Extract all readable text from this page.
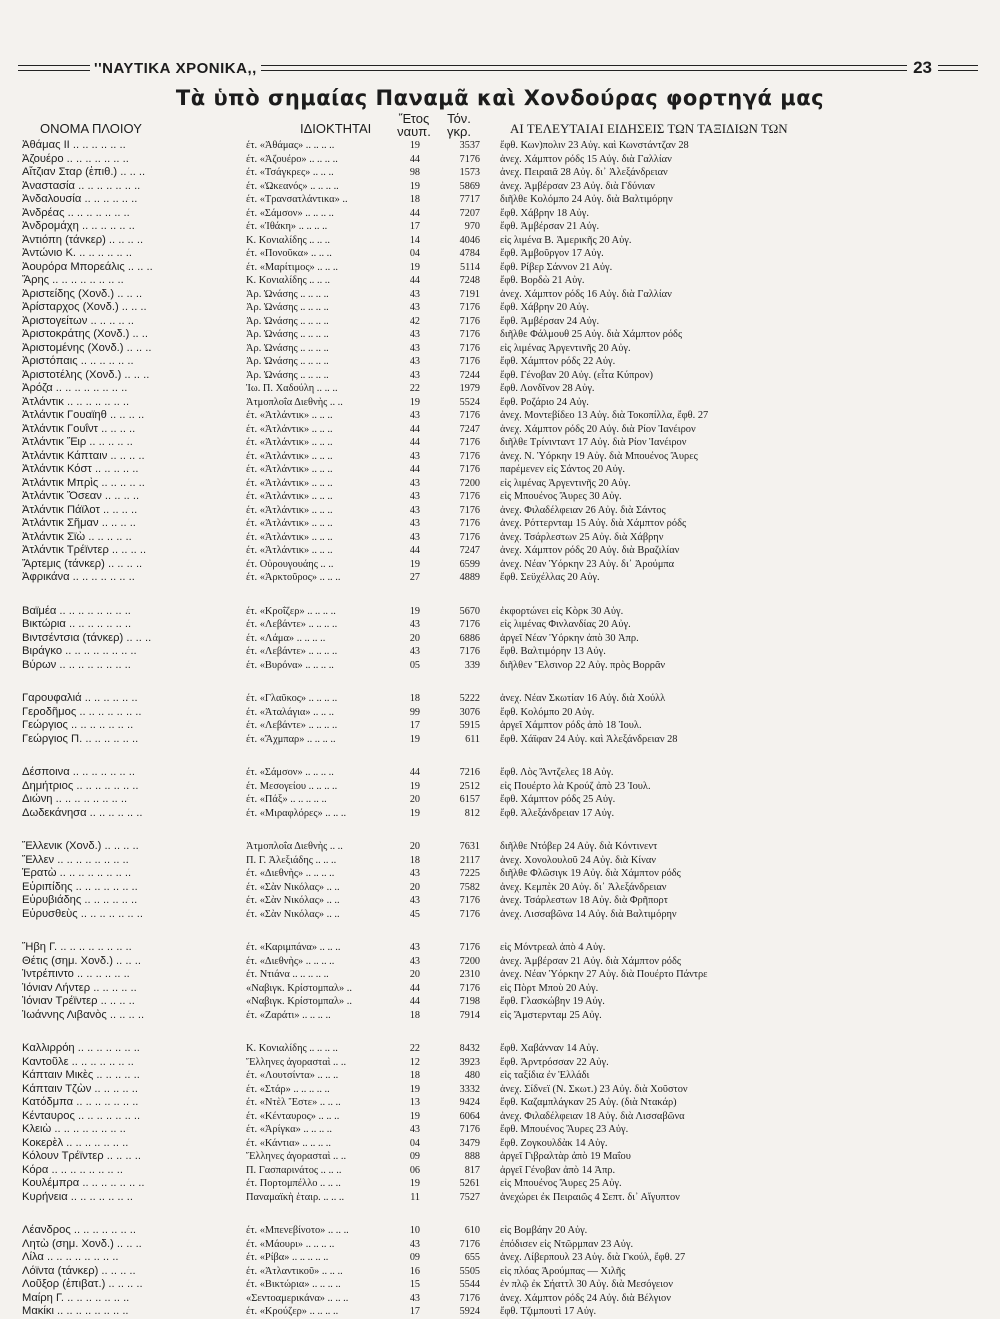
''ΝΑΥΤΙΚΑ ΧΡΟΝΙΚΑ,,	23
Τὰ ὑπὸ σημαίας Παναμᾶ καὶ Χονδούρας φορτηγά μας
ΟΝΟΜΑ ΠΛΟΙΟΥ	ΙΔΙΟΚΤΗΤΑΙ
Ἔτος
ναυπ.
Τόν.
γκρ.	ΑΙ ΤΕΛΕΥΤΑΙΑΙ ΕΙΔΗΣΕΙΣ ΤΩΝ ΤΑΞΙΔΙΩΝ ΤΩΝ
Ἀθάμας II .. .. .. .. .. ..	έτ. «Ἀθάμας» .. .. .. ..	19	3537 ἔφθ. Κων)πολιν 23 Αὐγ. καὶ Κωνστάντζαν 28
Ἀζουέρο .. .. .. .. .. .. ..	έτ. «Ἀζουέρο» .. .. .. ..	44	7176 ἀνεχ. Χάμπτον ρόδς 15 Αὐγ. διὰ Γαλλίαν
Αἴτζιαν Σταρ (ἐπιθ.) .. .. ..	έτ. «Τσάγκρες» .. .. ..	98	1573 ἀνεχ. Πειραιᾶ 28 Αὐγ. δι᾽ Ἀλεξάνδρειαν
Ἀναστασία .. .. .. .. .. .. ..	έτ. «Ὠκεανός» .. .. .. ..	19	5869 ἀνεχ. Ἀμβέρσαν 23 Αὐγ. διὰ Γδύνιαν
Ἀνδαλουσία .. .. .. .. .. ..	έτ. «Τρανσατλάντικα» ..	18	7717 διῆλθε Κολόμπο 24 Αὐγ. διὰ Βαλτιμόρην
Ἀνδρέας .. .. .. .. .. .. ..	έτ. «Σάμσον» .. .. .. ..	44	7207 ἔφθ. Χάβρην 18 Αὐγ.
Ἀνδρομάχη .. .. .. .. .. ..	έτ. «Ἰθάκη» .. .. .. ..	17	970 ἔφθ. Ἀμβέρσαν 21 Αὐγ.
Ἀντιόπη (τάνκερ) .. .. .. ..	Κ. Κονιαλίδης .. .. ..	14	4046 εἰς λιμένα Β. Ἀμερικῆς 20 Αὐγ.
Ἀντώνιο Κ. .. .. .. .. .. ..	έτ. «Πονοῦκα» .. .. ..	04	4784 ἔφθ. Ἀμβοῦργον 17 Αὐγ.
Ἀουρόρα Μπορεάλις .. .. ..	έτ. «Μαρίτιμος» .. .. ..	19	5114 ἔφθ. Ρίβερ Σάννον 21 Αὐγ.
Ἄρης .. .. .. .. .. .. .. ..	Κ. Κονιαλίδης .. .. ..	44	7248 ἔφθ. Βορδὼ 21 Αὐγ.
Ἀριστείδης (Χονδ.) .. .. ..	Ἀρ. Ὠνάσης .. .. .. ..	43	7191 ἀνεχ. Χάμπτον ρόδς 16 Αὐγ. διὰ Γαλλίαν
Ἀρίσταρχος (Χονδ.) .. .. ..	Ἀρ. Ὠνάσης .. .. .. ..	43	7176 ἔφθ. Χάβρην 20 Αὐγ.
Ἀριστογείτων .. .. .. .. ..	Ἀρ. Ὠνάσης .. .. .. ..	42	7176 ἔφθ. Ἀμβέρσαν 24 Αὐγ.
Ἀριστοκράτης (Χονδ.) .. ..	Ἀρ. Ὠνάσης .. .. .. ..	43	7176 διῆλθε Φάλμουθ 25 Αὐγ. διὰ Χάμπτον ρόδς
Ἀριστομένης (Χονδ.) .. .. ..	Ἀρ. Ὠνάσης .. .. .. ..	43	7176 εἰς λιμένας Ἀργεντινῆς 20 Αὐγ.
Ἀριστόπαις .. .. .. .. .. ..	Ἀρ. Ὠνάσης .. .. .. ..	43	7176 ἔφθ. Χάμπτον ρόδς 22 Αὐγ.
Ἀριστοτέλης (Χονδ.) .. .. ..	Ἀρ. Ὠνάσης .. .. .. ..	43	7244 ἔφθ. Γένοβαν 20 Αὐγ. (εἶτα Κύπρον)
Ἀρόζα .. .. .. .. .. .. .. ..	Ἰω. Π. Χαδούλη .. .. ..	22	1979 ἔφθ. Λονδῖνον 28 Αὐγ.
Ἀτλάντικ .. .. .. .. .. .. ..	Ἀτμοπλοΐα Διεθνὴς .. ..	19	5524 ἔφθ. Ροζάριο 24 Αὐγ.
Ἀτλάντικ Γουαϊηθ .. .. .. ..	έτ. «Ἀτλάντικ» .. .. ..	43	7176 ἀνεχ. Μοντεβίδεο 13 Αὐγ. διὰ Τοκοπίλλα, ἔφθ. 27
Ἀτλάντικ Γουΐντ .. .. .. ..	έτ. «Ἀτλάντικ» .. .. ..	44	7247 ἀνεχ. Χάμπτον ρόδς 20 Αὐγ. διὰ Ρίον Ἰανέιρον
Ἀτλάντικ Ἔιρ .. .. .. .. ..	έτ. «Ἀτλάντικ» .. .. ..	44	7176 διῆλθε Τρίνινταντ 17 Αὐγ. διὰ Ρίον Ἰανέιρον
Ἀτλάντικ Κάπταιν .. .. .. ..	έτ. «Ἀτλάντικ» .. .. ..	43	7176 ἀνεχ. Ν. Ὑόρκην 19 Αὐγ. διὰ Μπουένος Ἄυρες
Ἀτλάντικ Κόστ .. .. .. .. ..	έτ. «Ἀτλάντικ» .. .. ..	44	7176 παρέμενεν εἰς Σάντος 20 Αὐγ.
Ἀτλάντικ Μπρὶς .. .. .. .. ..	έτ. «Ἀτλάντικ» .. .. ..	43	7200 εἰς λιμένας Ἀργεντινῆς 20 Αὐγ.
Ἀτλάντικ Ὄσεαν .. .. .. ..	έτ. «Ἀτλάντικ» .. .. ..	43	7176 εἰς Μπουένος Ἄυρες 30 Αὐγ.
Ἀτλάντικ Πάϊλοτ .. .. .. ..	έτ. «Ἀτλάντικ» .. .. ..	43	7176 ἀνεχ. Φιλαδέλφειαν 26 Αὐγ. διὰ Σάντος
Ἀτλάντικ Σῆμαν .. .. .. ..	έτ. «Ἀτλάντικ» .. .. ..	43	7176 ἀνεχ. Ρόττερνταμ 15 Αὐγ. διὰ Χάμπτον ρόδς
Ἀτλάντικ Σϊὼ .. .. .. .. ..	έτ. «Ἀτλάντικ» .. .. ..	43	7176 ἀνεχ. Τσάρλεστων 25 Αὐγ. διὰ Χάβρην
Ἀτλάντικ Τρέϊντερ .. .. .. ..	έτ. «Ἀτλάντικ» .. .. ..	44	7247 ἀνεχ. Χάμπτον ρόδς 20 Αὐγ. διὰ Βραζιλίαν
Ἄρτεμις (τάνκερ) .. .. .. ..	έτ. Οὐρουγουάης .. ..	19	6599 ἀνεχ. Νέαν Ὑόρκην 23 Αὐγ. δι᾽ Ἀρούμπα
Ἀφρικάνα .. .. .. .. .. .. ..	έτ. «Ἀρκτοῦρος» .. .. ..	27	4889 ἔφθ. Σεϋχέλλας 20 Αὐγ.
Βαϊμέα .. .. .. .. .. .. .. ..	έτ. «Κροΐζερ» .. .. .. ..	19	5670 ἐκφορτώνει εἰς Κὸρκ 30 Αὐγ.
Βικτώρια .. .. .. .. .. .. ..	έτ. «Λεβάντε» .. .. .. ..	43	7176 εἰς λιμένας Φινλανδίας 20 Αὐγ.
Βιντσέντσια (τάνκερ) .. .. ..	έτ. «Λάμα» .. .. .. ..	20	6886 ἀργεῖ Νέαν Ὑόρκην ἀπὸ 30 Ἀπρ.
Βιράγκο .. .. .. .. .. .. .. ..	έτ. «Λεβάντε» .. .. .. ..	43	7176 ἔφθ. Βαλτιμόρην 13 Αὐγ.
Βύρων .. .. .. .. .. .. .. ..	έτ. «Βυρόνα» .. .. .. ..	05	339 διῆλθεν Ἔλσινορ 22 Αὐγ. πρὸς Βορρᾶν
Γαρουφαλιά .. .. .. .. .. ..	έτ. «Γλαῦκος» .. .. .. ..	18	5222 ἀνεχ. Νέαν Σκωτίαν 16 Αὐγ. διὰ Χούλλ
Γεροδῆμος .. .. .. .. .. .. ..	έτ. «Ἀταλάγια» .. .. ..	99	3076 ἔφθ. Κολόμπο 20 Αὐγ.
Γεώργιος .. .. .. .. .. .. ..	έτ. «Λεβάντε» .. .. .. ..	17	5915 ἀργεῖ Χάμπτον ρόδς ἀπὸ 18 Ἰουλ.
Γεώργιος Π. .. .. .. .. .. ..	έτ. «Ἄχμπαρ» .. .. .. ..	19	611 ἔφθ. Χάϊφαν 24 Αὐγ. καὶ Ἀλεξάνδρειαν 28
Δέσποινα .. .. .. .. .. .. ..	έτ. «Σάμσον» .. .. .. ..	44	7216 ἔφθ. Λὸς Ἄντζελες 18 Αὐγ.
Δημήτριος .. .. .. .. .. .. ..	έτ. Μεσογείου .. .. .. ..	19	2512 εἰς Πουέρτο λὰ Κρούζ ἀπὸ 23 Ἰουλ.
Διώνη .. .. .. .. .. .. .. ..	έτ. «Πάξ» .. .. .. .. ..	20	6157 ἔφθ. Χάμπτον ρόδς 25 Αὐγ.
Δωδεκάνησα .. .. .. .. .. ..	έτ. «Μιραφλόρες» .. .. ..	19	812 ἔφθ. Ἀλεξάνδρειαν 17 Αὐγ.
Ἕλλενικ (Χονδ.) .. .. .. ..	Ἀτμοπλοΐα Διεθνὴς .. ..	20	7631 διῆλθε Ντόβερ 24 Αὐγ. διὰ Κόντινεντ
Ἕλλεν .. .. .. .. .. .. .. ..	Π. Γ. Ἀλεξιάδης .. .. ..	18	2117 ἀνεχ. Χονολουλοῦ 24 Αὐγ. διὰ Κίναν
Ἐρατὼ .. .. .. .. .. .. .. ..	έτ. «Διεθνὴς» .. .. .. ..	43	7225 διῆλθε Φλῶσιγκ 19 Αὐγ. διὰ Χάμπτον ρόδς
Εὐριπίδης .. .. .. .. .. .. ..	έτ. «Σὰν Νικόλας» .. ..	20	7582 ἀνεχ. Κεμπὲκ 20 Αὐγ. δι᾽ Ἀλεξάνδρειαν
Εὐρυβιάδης .. .. .. .. .. ..	έτ. «Σὰν Νικόλας» .. ..	43	7176 ἀνεχ. Τσάρλεστων 18 Αὐγ. διὰ Φρῆπορτ
Εὐρυσθεὺς .. .. .. .. .. .. ..	έτ. «Σὰν Νικόλας» .. ..	45	7176 ἀνεχ. Λισσαβῶνα 14 Αὐγ. διὰ Βαλτιμόρην
Ἥβη Γ. .. .. .. .. .. .. .. ..	έτ. «Καριμπάνα» .. .. ..	43	7176 εἰς Μόντρεαλ ἀπὸ 4 Αὐγ.
Θέτις (σημ. Χονδ.) .. .. ..	έτ. «Διεθνὴς» .. .. .. ..	43	7200 ἀνεχ. Ἀμβέρσαν 21 Αὐγ. διὰ Χάμπτον ρόδς
Ἰντρέπιντο .. .. .. .. .. ..	έτ. Ντιάνα .. .. .. .. ..	20	2310 ἀνεχ. Νέαν Ὑόρκην 27 Αὐγ. διὰ Πουέρτο Πάντρε
Ἰόνιαν Λήντερ .. .. .. .. ..	«Ναβιγκ. Κρίστομπαλ» ..	44	7176 εἰς Πὸρτ Μποὺ 20 Αὐγ.
Ἰόνιαν Τρέϊντερ .. .. .. ..	«Ναβιγκ. Κρίστομπαλ» ..	44	7198 ἔφθ. Γλασκώβην 19 Αὐγ.
Ἰωάννης Λιβανὸς .. .. .. ..	έτ. «Ζαράτι» .. .. .. ..	18	7914 εἰς Ἄμστερνταμ 25 Αὐγ.
Καλλιρρόη .. .. .. .. .. .. ..	Κ. Κονιαλίδης .. .. .. ..	22	8432 ἔφθ. Χαβάνναν 14 Αὐγ.
Καντοῦλε .. .. .. .. .. .. ..	Ἕλληνες ἀγορασταὶ .. ..	12	3923 ἔφθ. Ἀρντρόσσαν 22 Αὐγ.
Κάπταιν Μικὲς .. .. .. .. ..	έτ. «Λουτσίντα» .. .. ..	18	480 εἰς ταξίδια ἐν Ἑλλάδι
Κάπταιν Τζὼν .. .. .. .. ..	έτ. «Στάρ» .. .. .. .. ..	19	3332 ἀνεχ. Σίδνεϊ (Ν. Σκωτ.) 23 Αὐγ. διὰ Χοῦστον
Κατόδμπα .. .. .. .. .. .. ..	έτ. «Ντὲλ Ἔστε» .. .. ..	13	9424 ἔφθ. Καζαμπλάγκαν 25 Αὐγ. (διὰ Ντακάρ)
Κένταυρος .. .. .. .. .. .. ..	έτ. «Κένταυρος» .. .. ..	19	6064 ἀνεχ. Φιλαδέλφειαν 18 Αὐγ. διὰ Λισσαβῶνα
Κλειὼ .. .. .. .. .. .. .. ..	έτ. «Ἀρίγκα» .. .. .. ..	43	7176 ἔφθ. Μπουένος Ἄυρες 23 Αὐγ.
Κοκερὲλ .. .. .. .. .. .. ..	έτ. «Κάντια» .. .. .. ..	04	3479 ἔφθ. Ζογκουλδὰκ 14 Αὐγ.
Κόλουν Τρέϊντερ .. .. .. ..	Ἕλληνες ἀγορασταὶ .. ..	09	888 ἀργεῖ Γιβραλτὰρ ἀπὸ 19 Μαΐου
Κόρα .. .. .. .. .. .. .. ..	Π. Γασπαρινάτος .. .. ..	06	817 ἀργεῖ Γένοβαν ἀπὸ 14 Ἀπρ.
Κουλέμπρα .. .. .. .. .. .. ..	έτ. Πορτομπέλλο .. .. ..	19	5261 εἰς Μπουένος Ἄυρες 25 Αὐγ.
Κυρήνεια .. .. .. .. .. .. ..	Παναμαϊκὴ ἑταιρ. .. .. ..	11	7527 ἀνεχώρει ἐκ Πειραιῶς 4 Σεπτ. δι᾽ Αἴγυπτον
Λέανδρος .. .. .. .. .. .. ..	έτ. «Μπενεβίνοτο» .. .. ..	10	610 εἰς Βομβάην 20 Αὐγ.
Λητὼ (σημ. Χονδ.) .. .. ..	έτ. «Μάουρι» .. .. .. ..	43	7176 ἐπόδισεν εἰς Ντῶρμπαν 23 Αὐγ.
Λίλα .. .. .. .. .. .. .. ..	έτ. «Ρίβα» .. .. .. .. ..	09	655 ἀνεχ. Λίβερπουλ 23 Αὐγ. διὰ Γκούλ, ἔφθ. 27
Λόϊντα (τάνκερ) .. .. .. ..	έτ. «Ἀτλαντικοῦ» .. .. ..	16	5505 εἰς πλόας Ἀρούμπας — Χιλῆς
Λοῦξορ (ἐπιβατ.) .. .. .. ..	έτ. «Βικτώρια» .. .. .. ..	15	5544 ἐν πλῷ ἐκ Σήαττλ 30 Αὐγ. διὰ Μεσόγειον
Μαίρη Γ. .. .. .. .. .. .. ..	«Σεντοαμερικάνα» .. .. ..	43	7176 ἀνεχ. Χάμπτον ρόδς 24 Αὐγ. διὰ Βέλγιον
Μακίκι .. .. .. .. .. .. .. ..	έτ. «Κρούζερ» .. .. .. ..	17	5924 ἔφθ. Τζιμπουτὶ 17 Αὐγ.
